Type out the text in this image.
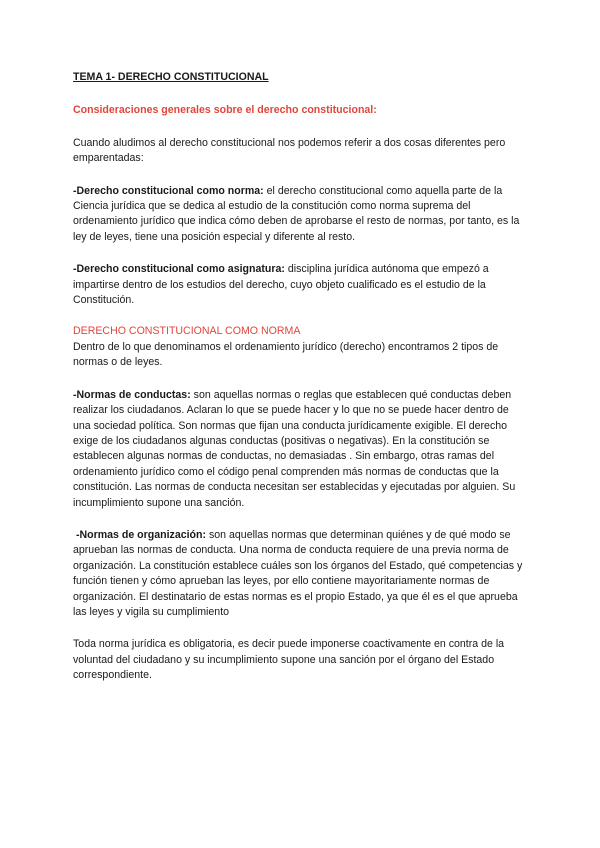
TEMA 1- DERECHO CONSTITUCIONAL

Consideraciones generales sobre el derecho constitucional:

Cuando aludimos al derecho constitucional nos podemos referir a dos cosas diferentes pero emparentadas:

-Derecho constitucional como norma: el derecho constitucional como aquella parte de la Ciencia jurídica que se dedica al estudio de la constitución como norma suprema del ordenamiento jurídico que indica cómo deben de aprobarse el resto de normas, por tanto, es la ley de leyes, tiene una posición especial y diferente al resto.

-Derecho constitucional como asignatura: disciplina jurídica autónoma que empezó a impartirse dentro de los estudios del derecho, cuyo objeto cualificado es el estudio de la Constitución.

DERECHO CONSTITUCIONAL COMO NORMA

Dentro de lo que denominamos el ordenamiento jurídico (derecho) encontramos 2 tipos de normas o de leyes.

-Normas de conductas: son aquellas normas o reglas que establecen qué conductas deben realizar los ciudadanos. Aclaran lo que se puede hacer y lo que no se puede hacer dentro de una sociedad política. Son normas que fijan una conducta jurídicamente exigible. El derecho exige de los ciudadanos algunas conductas (positivas o negativas). En la constitución se establecen algunas normas de conductas, no demasiadas . Sin embargo, otras ramas del ordenamiento jurídico como el código penal comprenden más normas de conductas que la constitución. Las normas de conducta necesitan ser establecidas y ejecutadas por alguien. Su incumplimiento supone una sanción.

-Normas de organización: son aquellas normas que determinan quiénes y de qué modo se aprueban las normas de conducta. Una norma de conducta requiere de una previa norma de organización. La constitución establece cuáles son los órganos del Estado, qué competencias y función tienen y cómo aprueban las leyes, por ello contiene mayoritariamente normas de organización. El destinatario de estas normas es el propio Estado, ya que él es el que aprueba las leyes y vigila su cumplimiento

Toda norma jurídica es obligatoria, es decir puede imponerse coactivamente en contra de la voluntad del ciudadano y su incumplimiento supone una sanción por el órgano del Estado correspondiente.
